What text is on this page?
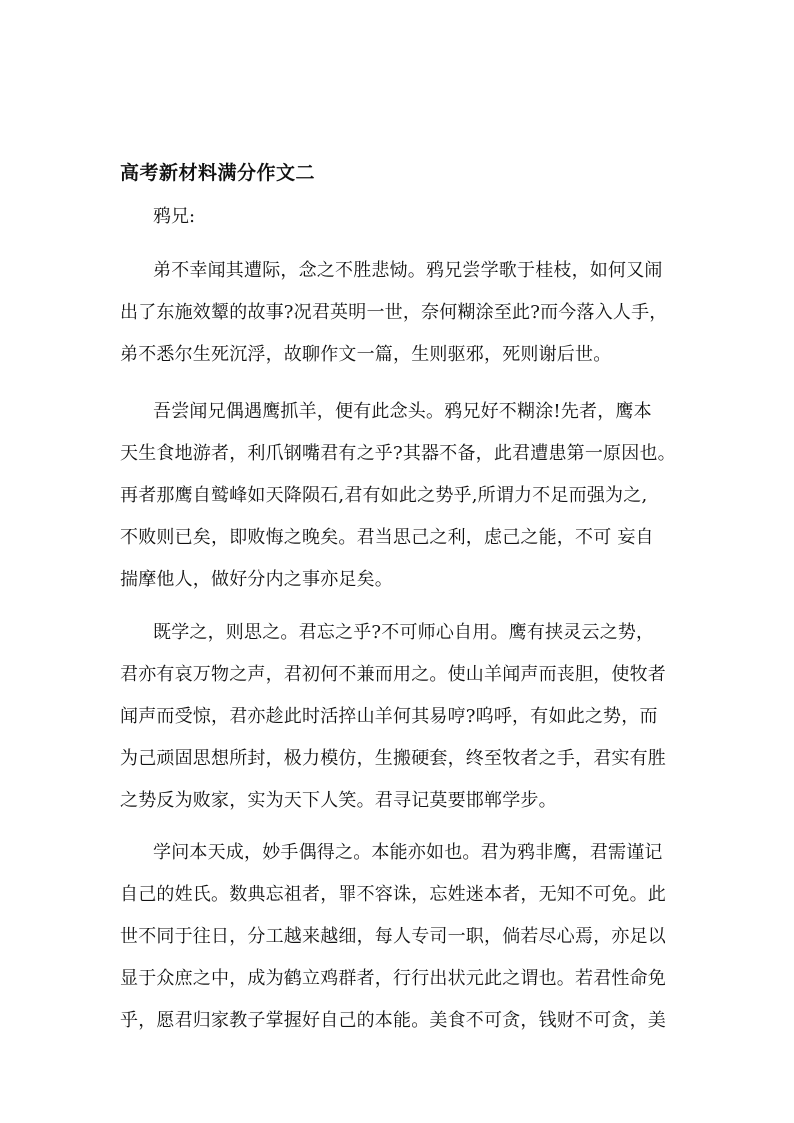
高考新材料满分作文二
鸦兄:
弟不幸闻其遭际，念之不胜悲恸。鸦兄尝学歌于桂枝，如何又闹
出了东施效颦的故事?况君英明一世，奈何糊涂至此?而今落入人手，
弟不悉尔生死沉浮，故聊作文一篇，生则驱邪，死则谢后世。
吾尝闻兄偶遇鹰抓羊，便有此念头。鸦兄好不糊涂!先者，鹰本
天生食地游者，利爪钢嘴君有之乎?其器不备，此君遭患第一原因也。
再者那鹰自鹫峰如天降陨石,君有如此之势乎,所谓力不足而强为之,
不败则已矣，即败悔之晚矣。君当思己之利，虑己之能，不可 妄自
揣摩他人，做好分内之事亦足矣。
既学之，则思之。君忘之乎?不可师心自用。鹰有挟灵云之势，
君亦有哀万物之声，君初何不兼而用之。使山羊闻声而丧胆，使牧者
闻声而受惊，君亦趁此时活捽山羊何其易哼?呜呼，有如此之势，而
为己顽固思想所封，极力模仿，生搬硬套，终至牧者之手，君实有胜
之势反为败家，实为天下人笑。君寻记莫要邯郸学步。
学问本天成，妙手偶得之。本能亦如也。君为鸦非鹰，君需谨记
自己的姓氏。数典忘祖者，罪不容诛，忘姓迷本者，无知不可免。此
世不同于往日，分工越来越细，每人专司一职，倘若尽心焉，亦足以
显于众庶之中，成为鹤立鸡群者，行行出状元此之谓也。若君性命免
乎，愿君归家教子掌握好自己的本能。美食不可贪，钱财不可贪，美
